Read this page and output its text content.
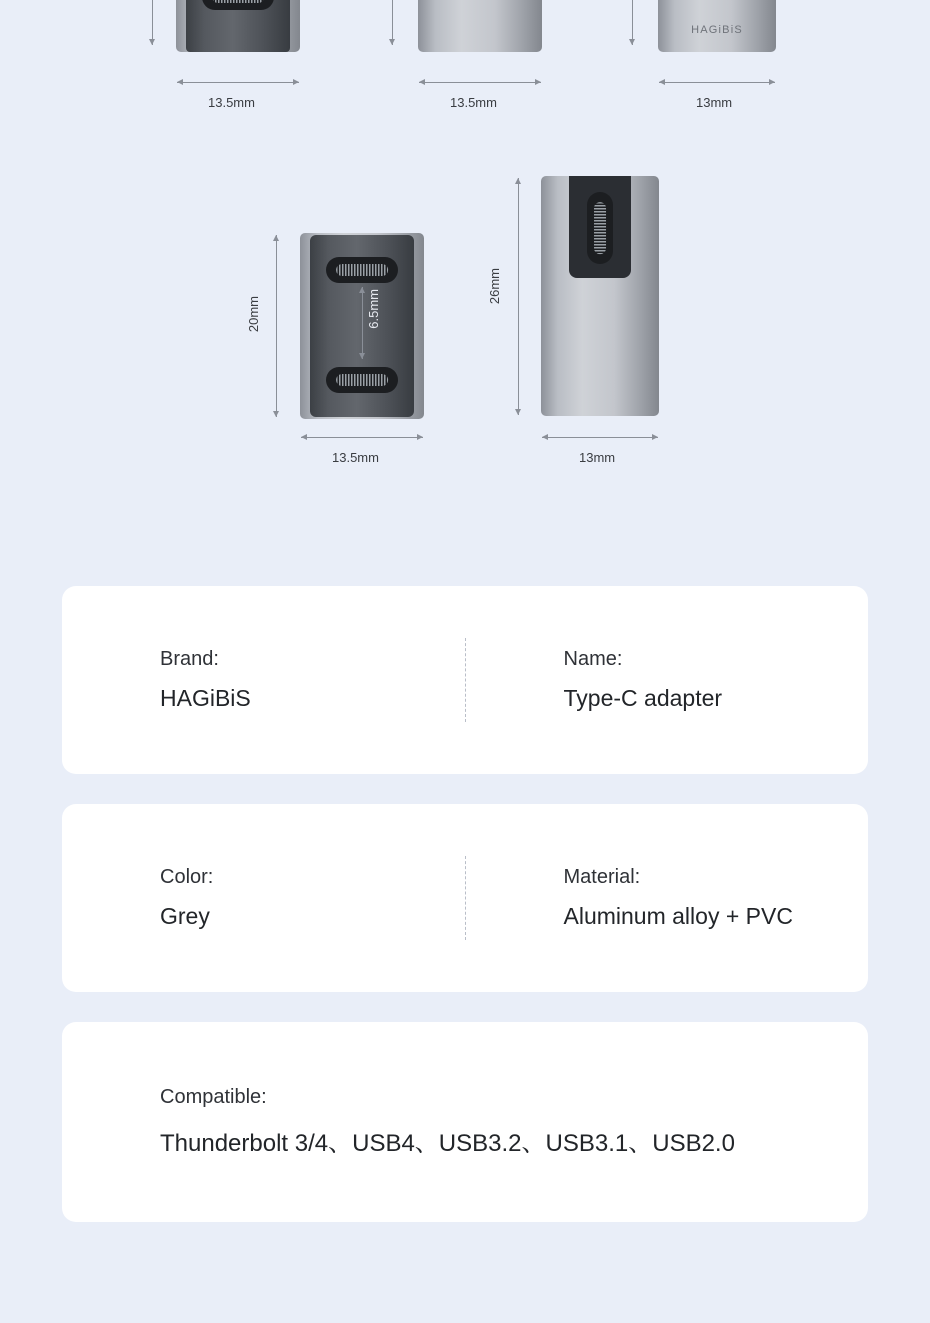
13.5mm	13.5mm
HAGiBiS
13mm
20mm	6.5mm
13.5mm
26mm
13mm
Brand:
HAGiBiS
Name:
Type-C adapter
Color:
Grey
Material:
Aluminum alloy + PVC
Compatible:
Thunderbolt 3/4、USB4、USB3.2、USB3.1、USB2.0
